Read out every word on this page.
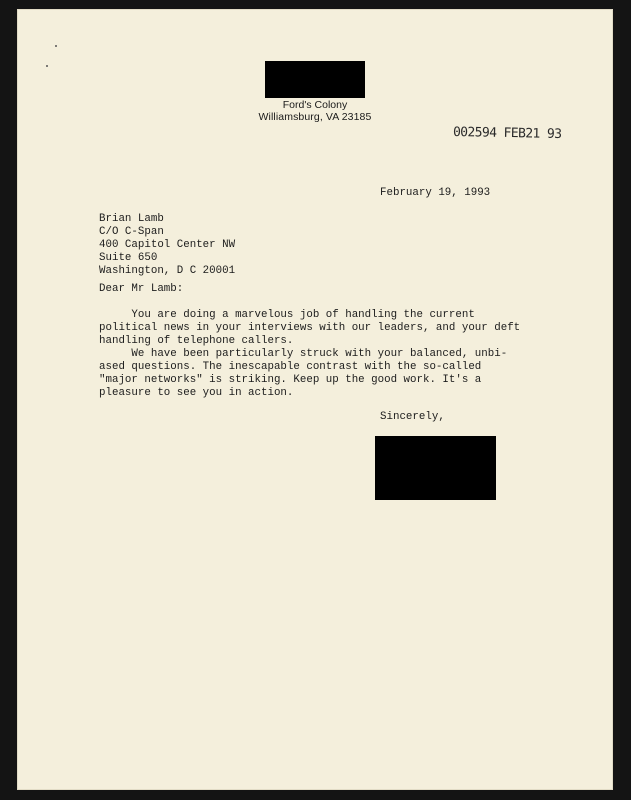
Ford's Colony
Williamsburg, VA 23185
002594 FEB21 93
February 19, 1993
Brian Lamb
C/O C-Span
400 Capitol Center NW
Suite 650
Washington, D C 20001
Dear Mr Lamb:
You are doing a marvelous job of handling the current
political news in your interviews with our leaders, and your deft
handling of telephone callers.
We have been particularly struck with your balanced, unbi-
ased questions. The inescapable contrast with the so-called
"major networks" is striking. Keep up the good work. It's a
pleasure to see you in action.
Sincerely,
